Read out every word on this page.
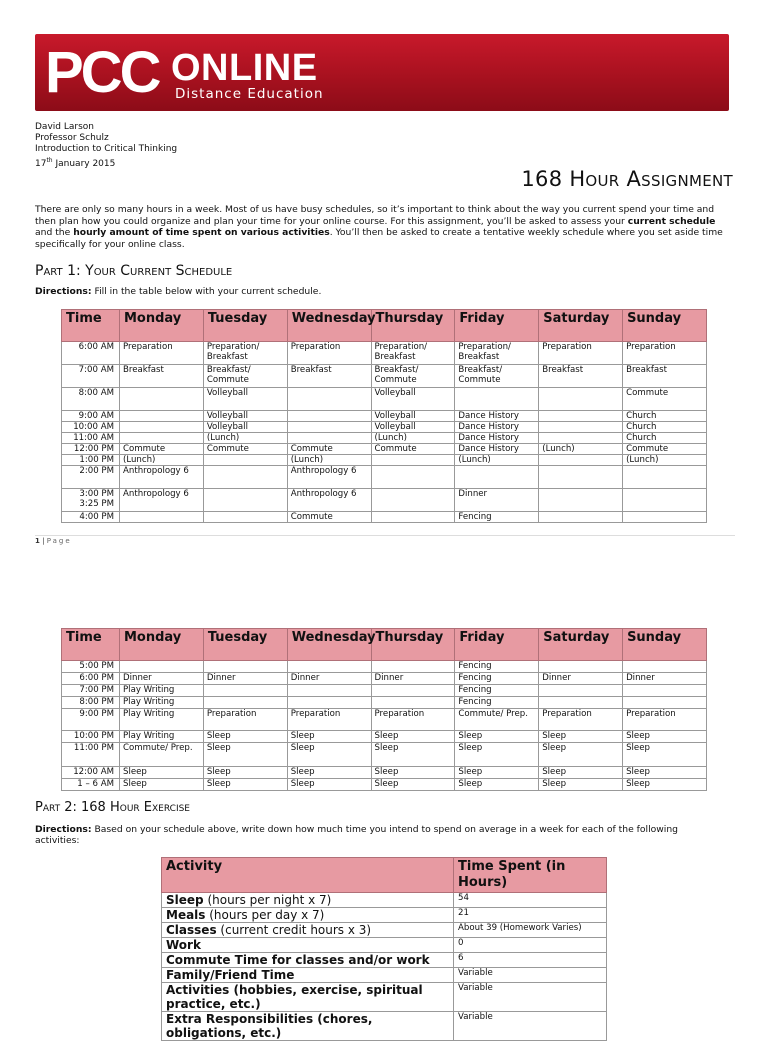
PCC ONLINE
Distance Education
David Larson
Professor Schulz
Introduction to Critical Thinking
17th January 2015
168 Hour Assignment
There are only so many hours in a week. Most of us have busy schedules, so it’s important to think about the way you current spend your time and then plan how you could organize and plan your time for your online course. For this assignment, you’ll be asked to assess your current schedule and the hourly amount of time spent on various activities. You’ll then be asked to create a tentative weekly schedule where you set aside time specifically for your online class.
Part 1: Your Current Schedule
Directions: Fill in the table below with your current schedule.
Time	Monday	Tuesday	Wednesday	Thursday	Friday	Saturday	Sunday
6:00 AM	Preparation	Preparation/ Breakfast	Preparation	Preparation/ Breakfast	Preparation/ Breakfast	Preparation	Preparation
7:00 AM	Breakfast	Breakfast/ Commute	Breakfast	Breakfast/ Commute	Breakfast/ Commute	Breakfast	Breakfast
8:00 AM		Volleyball		Volleyball			Commute
9:00 AM		Volleyball		Volleyball	Dance History		Church
10:00 AM		Volleyball		Volleyball	Dance History		Church
11:00 AM		(Lunch)		(Lunch)	Dance History		Church
12:00 PM	Commute	Commute	Commute	Commute	Dance History	(Lunch)	Commute
1:00 PM	(Lunch)		(Lunch)		(Lunch)		(Lunch)
2:00 PM	Anthropology 6		Anthropology 6				
3:00 PM 3:25 PM	Anthropology 6		Anthropology 6		Dinner		
4:00 PM			Commute		Fencing		
1 | Page
Time	Monday	Tuesday	Wednesday	Thursday	Friday	Saturday	Sunday
5:00 PM					Fencing		
6:00 PM	Dinner	Dinner	Dinner	Dinner	Fencing	Dinner	Dinner
7:00 PM	Play Writing				Fencing		
8:00 PM	Play Writing				Fencing		
9:00 PM	Play Writing	Preparation	Preparation	Preparation	Commute/ Prep.	Preparation	Preparation
10:00 PM	Play Writing	Sleep	Sleep	Sleep	Sleep	Sleep	Sleep
11:00 PM	Commute/ Prep.	Sleep	Sleep	Sleep	Sleep	Sleep	Sleep
12:00 AM	Sleep	Sleep	Sleep	Sleep	Sleep	Sleep	Sleep
1 – 6 AM	Sleep	Sleep	Sleep	Sleep	Sleep	Sleep	Sleep
Part 2: 168 Hour Exercise
Directions: Based on your schedule above, write down how much time you intend to spend on average in a week for each of the following activities:
Activity	Time Spent (in Hours)
Sleep (hours per night x 7)	54
Meals (hours per day x 7)	21
Classes (current credit hours x 3)	About 39 (Homework Varies)
Work	0
Commute Time for classes and/or work	6
Family/Friend Time	Variable
Activities (hobbies, exercise, spiritual practice, etc.)	Variable
Extra Responsibilities (chores, obligations, etc.)	Variable
